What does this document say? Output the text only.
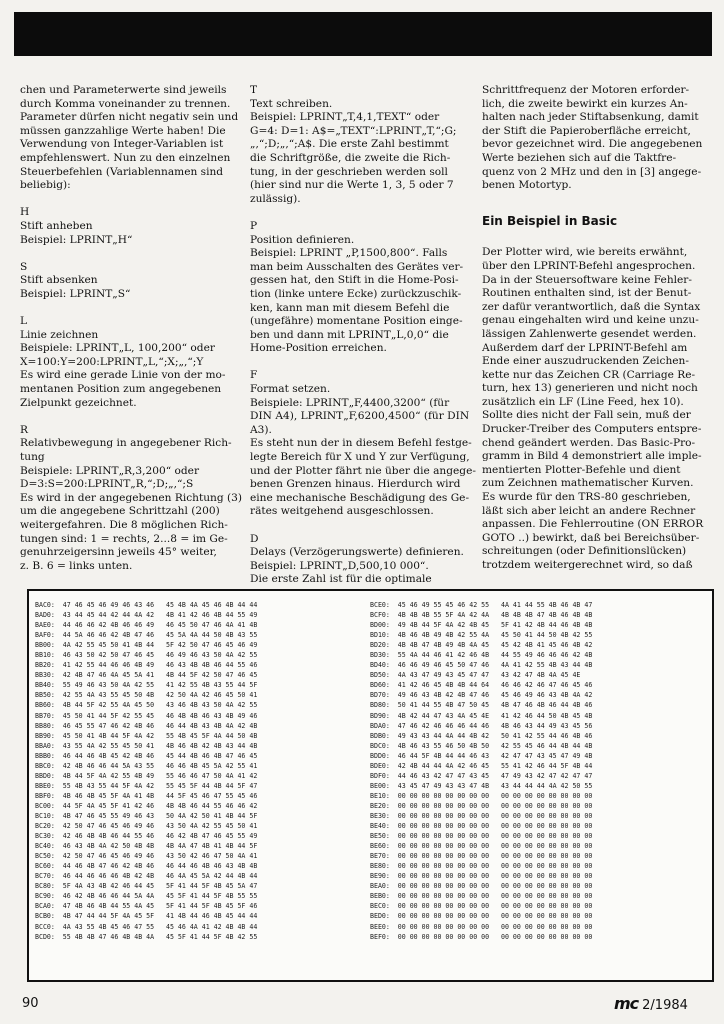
chen und Parameterwerte sind jeweils
durch Komma voneinander zu trennen.
Parameter dürfen nicht negativ sein und
müssen ganzzahlige Werte haben! Die
Verwendung von Integer-Variablen ist
empfehlenswert. Nun zu den einzelnen
Steuerbefehlen (Variablennamen sind
beliebig):
H
Stift anheben
Beispiel: LPRINT„H“
S
Stift absenken
Beispiel: LPRINT„S“
L
Linie zeichnen
Beispiele: LPRINT„L, 100,200“ oder
X=100:Y=200:LPRINT„L,“;X;„,“;Y
Es wird eine gerade Linie von der mo-
mentanen Position zum angegebenen
Zielpunkt gezeichnet.
R
Relativbewegung in angegebener Rich-
tung
Beispiele: LPRINT„R,3,200“ oder
D=3:S=200:LPRINT„R,“;D;„,“;S
Es wird in der angegebenen Richtung (3)
um die angegebene Schrittzahl (200)
weitergefahren. Die 8 möglichen Rich-
tungen sind: 1 = rechts, 2...8 = im Ge-
genuhrzeigersinn jeweils 45° weiter,
z. B. 6 = links unten.
T
Text schreiben.
Beispiel: LPRINT„T,4,1,TEXT“ oder
G=4: D=1: A$=„TEXT“:LPRINT„T,“;G;
„,“;D;„,“;A$. Die erste Zahl bestimmt
die Schriftgröße, die zweite die Rich-
tung, in der geschrieben werden soll
(hier sind nur die Werte 1, 3, 5 oder 7
zulässig).
P
Position definieren.
Beispiel: LPRINT „P,1500,800“. Falls
man beim Ausschalten des Gerätes ver-
gessen hat, den Stift in die Home-Posi-
tion (linke untere Ecke) zurückzuschik-
ken, kann man mit diesem Befehl die
(ungefähre) momentane Position einge-
ben und dann mit LPRINT„L,0,0“ die
Home-Position erreichen.
F
Format setzen.
Beispiele: LPRINT„F,4400,3200“ (für
DIN A4), LPRINT„F,6200,4500“ (für DIN
A3).
Es steht nun der in diesem Befehl festge-
legte Bereich für X und Y zur Verfügung,
und der Plotter fährt nie über die angege-
benen Grenzen hinaus. Hierdurch wird
eine mechanische Beschädigung des Ge-
rätes weitgehend ausgeschlossen.
D
Delays (Verzögerungswerte) definieren.
Beispiel: LPRINT„D,500,10 000“.
Die erste Zahl ist für die optimale
Schrittfrequenz der Motoren erforder-
lich, die zweite bewirkt ein kurzes An-
halten nach jeder Stiftabsenkung, damit
der Stift die Papieroberfläche erreicht,
bevor gezeichnet wird. Die angegebenen
Werte beziehen sich auf die Taktfre-
quenz von 2 MHz und den in [3] angege-
benen Motortyp.
Ein Beispiel in Basic
Der Plotter wird, wie bereits erwähnt,
über den LPRINT-Befehl angesprochen.
Da in der Steuersoftware keine Fehler-
Routinen enthalten sind, ist der Benut-
zer dafür verantwortlich, daß die Syntax
genau eingehalten wird und keine unzu-
lässigen Zahlenwerte gesendet werden.
Außerdem darf der LPRINT-Befehl am
Ende einer auszudruckenden Zeichen-
kette nur das Zeichen CR (Carriage Re-
turn, hex 13) generieren und nicht noch
zusätzlich ein LF (Line Feed, hex 10).
Sollte dies nicht der Fall sein, muß der
Drucker-Treiber des Computers entspre-
chend geändert werden. Das Basic-Pro-
gramm in Bild 4 demonstriert alle imple-
mentierten Plotter-Befehle und dient
zum Zeichnen mathematischer Kurven.
Es wurde für den TRS-80 geschrieben,
läßt sich aber leicht an andere Rechner
anpassen. Die Fehlerroutine (ON ERROR
GOTO ..) bewirkt, daß bei Bereichsüber-
schreitungen (oder Definitionslücken)
trotzdem weitergerechnet wird, so daß
BAC0:  47 46 45 46 49 46 43 46   45 4B 4A 45 46 4B 44 44
BAD0:  43 44 45 44 42 44 4A 42   4B 41 42 46 4B 44 55 49
BAE0:  44 46 46 42 4B 46 46 49   46 45 50 47 46 4A 41 4B
BAF0:  44 5A 46 46 42 4B 47 46   45 5A 4A 44 50 4B 43 55
BB00:  4A 42 55 45 50 41 4B 44   5F 42 50 47 46 45 46 49
BB10:  46 43 50 42 50 47 46 45   46 49 46 43 50 4A 42 55
BB20:  41 42 55 44 46 46 4B 49   46 43 4B 4B 46 44 55 46
BB30:  42 4B 47 46 4A 45 5A 41   4B 44 5F 42 50 47 46 45
BB40:  55 49 46 43 50 4A 42 55   41 42 55 4B 43 55 44 5F
BB50:  42 55 4A 43 55 45 50 4B   42 50 4A 42 46 45 50 41
BB60:  4B 44 5F 42 55 4A 45 50   43 46 4B 43 50 4A 42 55
BB70:  45 50 41 44 5F 42 55 45   46 4B 4B 46 43 4B 49 46
BB80:  46 45 55 47 46 42 4B 46   46 44 4B 43 4B 4A 42 4B
BB90:  45 50 41 4B 44 5F 4A 42   55 4B 45 5F 4A 44 50 4B
BBA0:  43 55 4A 42 55 45 50 41   4B 46 4B 42 4B 43 44 4B
BBB0:  46 44 46 4B 45 42 4B 46   45 44 4B 46 4B 47 46 45
BBC0:  42 4B 46 46 44 5A 43 55   46 46 4B 45 5A 42 55 41
BBD0:  4B 44 5F 4A 42 55 4B 49   55 46 46 47 50 4A 41 42
BBE0:  55 4B 43 55 44 5F 4A 42   55 45 5F 44 4B 44 5F 47
BBF0:  4B 46 4B 45 5F 4A 41 4B   44 5F 45 46 47 55 45 46
BC00:  44 5F 4A 45 5F 41 42 46   4B 4B 46 44 55 46 46 42
BC10:  4B 47 46 45 55 49 46 43   50 4A 42 50 41 4B 44 5F
BC20:  42 50 47 46 45 46 49 46   43 50 4A 42 55 45 50 41
BC30:  42 46 4B 4B 46 44 55 46   46 42 4B 47 46 45 55 49
BC40:  46 43 4B 4A 42 50 4B 4B   4B 4A 47 4B 41 4B 44 5F
BC50:  42 50 47 46 45 46 49 46   43 50 42 46 47 50 4A 41
BC60:  44 46 4B 47 46 42 4B 46   46 44 46 4B 46 43 4B 4B
BC70:  46 44 46 46 46 4B 42 4B   46 4A 45 5A 42 44 4B 44
BC80:  5F 4A 43 4B 42 46 44 45   5F 41 44 5F 4B 45 5A 47
BC90:  46 42 4B 46 46 44 5A 4A   45 5F 41 44 5F 4B 55 55
BCA0:  47 4B 46 4B 44 55 4A 45   5F 41 44 5F 4B 45 5F 46
BCB0:  4B 47 44 44 5F 4A 45 5F   41 4B 44 46 4B 45 44 44
BCC0:  4A 43 55 4B 45 46 47 55   45 46 4A 41 42 4B 4B 44
BCD0:  55 4B 4B 47 46 4B 4B 4A   45 5F 41 44 5F 4B 42 55
BCE0:  45 46 49 55 45 46 42 55   4A 41 44 55 4B 46 4B 47
BCF0:  4B 4B 4B 55 5F 4A 42 4A   4B 4B 4B 47 4B 46 4B 4B
BD00:  49 4B 44 5F 4A 42 4B 45   5F 41 42 4B 44 46 4B 4B
BD10:  4B 46 4B 49 4B 42 55 4A   45 50 41 44 50 4B 42 55
BD20:  4B 4B 47 4B 49 4B 4A 45   45 42 4B 41 45 46 4B 42
BD30:  55 4A 44 46 41 42 46 4B   44 55 49 46 46 46 42 4B
BD40:  46 46 49 46 45 50 47 46   4A 41 42 55 4B 43 44 4B
BD50:  4A 43 47 49 43 45 47 47   43 42 47 4B 4A 45 4E
BD60:  41 42 46 45 4B 4B 44 64   46 46 42 46 47 46 45 46
BD70:  49 46 43 4B 42 4B 47 46   45 46 49 46 43 4B 4A 42
BD80:  50 41 44 55 4B 47 50 45   4B 47 46 4B 46 44 4B 46
BD90:  4B 42 44 47 43 4A 45 4E   41 42 46 44 50 4B 45 4B
BDA0:  47 46 42 46 46 46 44 46   4B 46 43 44 49 43 45 56
BDB0:  49 43 43 44 4A 44 4B 42   50 41 42 55 44 46 4B 46
BDC0:  4B 46 43 55 46 50 4B 50   42 55 45 46 44 4B 44 4B
BDD0:  46 44 5F 4B 44 44 46 43   42 47 47 43 45 47 49 4B
BDE0:  42 4B 44 44 4A 42 46 45   55 41 42 46 44 5F 4B 44
BDF0:  44 46 43 42 47 47 43 45   47 49 43 42 47 42 47 47
BE00:  43 45 47 49 43 43 47 4B   43 44 44 44 4A 42 50 55
BE10:  00 00 00 00 00 00 00 00   00 00 00 00 00 00 00 00
BE20:  00 00 00 00 00 00 00 00   00 00 00 00 00 00 00 00
BE30:  00 00 00 00 00 00 00 00   00 00 00 00 00 00 00 00
BE40:  00 00 00 00 00 00 00 00   00 00 00 00 00 00 00 00
BE50:  00 00 00 00 00 00 00 00   00 00 00 00 00 00 00 00
BE60:  00 00 00 00 00 00 00 00   00 00 00 00 00 00 00 00
BE70:  00 00 00 00 00 00 00 00   00 00 00 00 00 00 00 00
BE80:  00 00 00 00 00 00 00 00   00 00 00 00 00 00 00 00
BE90:  00 00 00 00 00 00 00 00   00 00 00 00 00 00 00 00
BEA0:  00 00 00 00 00 00 00 00   00 00 00 00 00 00 00 00
BEB0:  00 00 00 00 00 00 00 00   00 00 00 00 00 00 00 00
BEC0:  00 00 00 00 00 00 00 00   00 00 00 00 00 00 00 00
BED0:  00 00 00 00 00 00 00 00   00 00 00 00 00 00 00 00
BEE0:  00 00 00 00 00 00 00 00   00 00 00 00 00 00 00 00
BEF0:  00 00 00 00 00 00 00 00   00 00 00 00 00 00 00 00
90	mc 2/1984
